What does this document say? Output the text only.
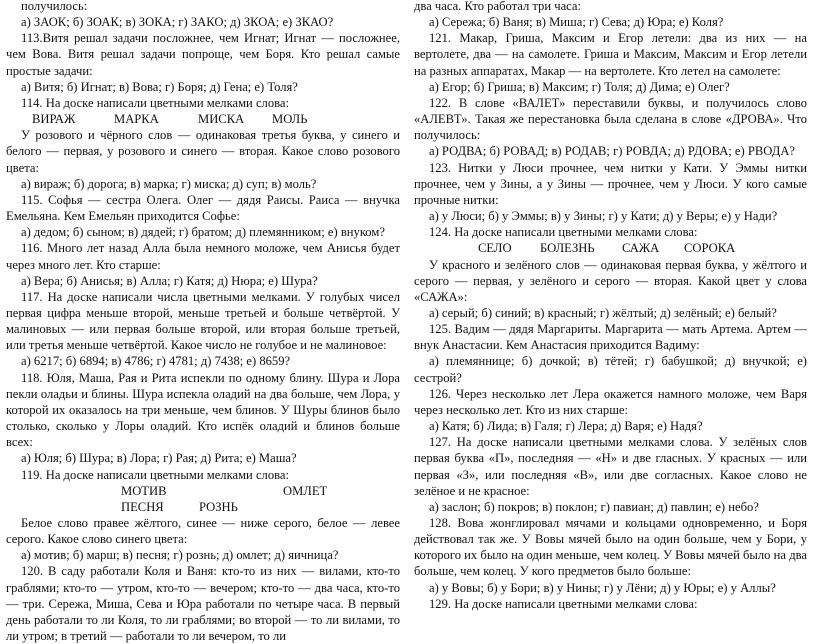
получилось:

а) ЗАОК; б) ЗОАК; в) ЗОКА; г) ЗАКО; д) ЗКОА; е) ЗКАО?

113.Витя решал задачи посложнее, чем Игнат; Игнат — посложнее, чем Вова. Витя решал задачи попроще, чем Боря. Кто решал самые простые задачи:

а) Витя; б) Игнат; в) Вова; г) Боря; д) Гена; е) Толя?

114. На доске написали цветными мелками слова:

ВИРАЖ	МАРКА	МИСКА	МОЛЬ

У розового и чёрного слов — одинаковая третья буква, у синего и белого — первая, у розового и синего — вторая. Какое слово розового цвета:

а) вираж; б) дорога; в) марка; г) миска; д) суп; в) моль?

115. Софья — сестра Олега. Олег — дядя Раисы. Раиса — внучка Емельяна. Кем Емельян приходится Софье:

а) дедом; б) сыном; в) дядей; г) братом; д) племянником; е) внуком?

116. Много лет назад Алла была немного моложе, чем Анисья будет через много лет. Кто старше:

а) Вера; б) Анисья; в) Алла; г) Катя; д) Нюра; е) Шура?

117. На доске написали числа цветными мелками. У голубых чисел первая цифра меньше второй, меньше третьей и больше четвёртой. У малиновых — или первая больше второй, или вторая больше третьей, или третья меньше четвёртой. Какое число не голубое и не малиновое:

а) 6217; б) 6894; в) 4786; г) 4781; д) 7438; е) 8659?

118. Юля, Маша, Рая и Рита испекли по одному блину. Шура и Лора пекли оладьи и блины. Шура испекла оладий на два больше, чем Лора, у которой их оказалось на три меньше, чем блинов. У Шуры блинов было столько, сколько у Лоры оладий. Кто испёк оладий и блинов больше всех:

а) Юля; б) Шура; в) Лора; г) Рая; д) Рита; е) Маша?

119. На доске написали цветными мелками слова:

МОТИВ	ОМЛЕТ
ПЕСНЯ	РОЗНЬ

Белое слово правее жёлтого, синее — ниже серого, белое — левее серого. Какое слово синего цвета:

а) мотив; б) марш; в) песня; г) рознь; д) омлет; д) яичница?

120. В саду работали Коля и Ваня: кто-то из них — вилами, кто-то граблями; кто-то — утром, кто-то — вечером; кто-то — два часа, кто-то — три. Сережа, Миша, Сева и Юра работали по четыре часа. В первый день работали то ли Коля, то ли граблями; во второй — то ли вилами, то ли утром; в третий — работали то ли вечером, то ли

два часа. Кто работал три часа:

а) Сережа; б) Ваня; в) Миша; г) Сева; д) Юра; е) Коля?

121. Макар, Гриша, Максим и Егор летели: два из них — на вертолете, два — на самолете. Гриша и Максим, Максим и Егор летели на разных аппаратах, Макар — на вертолете. Кто летел на самолете:

а) Егор; б) Гриша; в) Максим; г) Толя; д) Дима; е) Олег?

122. В слове «ВАЛЕТ» переставили буквы, и получилось слово «АЛЕВТ». Такая же перестановка была сделана в слове «ДРОВА». Что получилось:

а) РОДВА; б) РОВАД; в) РОДАВ; г) РОВДА; д) РДОВА; е) РВОДА?

123. Нитки у Люси прочнее, чем нитки у Кати. У Эммы нитки прочнее, чем у Зины, а у Зины — прочнее, чем у Люси. У кого самые прочные нитки:

а) у Люси; б) у Эммы; в) у Зины; г) у Кати; д) у Веры; е) у Нади?

124. На доске написали цветными мелками слова:

СЕЛО	БОЛЕЗНЬ	САЖА	СОРОКА

У красного и зелёного слов — одинаковая первая буква, у жёлтого и серого — первая, у зелёного и серого — вторая. Какой цвет у слова «САЖА»:

а) серый; б) синий; в) красный; г) жёлтый; д) зелёный; е) белый?

125. Вадим — дядя Маргариты. Маргарита — мать Артема. Артем — внук Анастасии. Кем Анастасия приходится Вадиму:

а) племяннице; б) дочкой; в) тётей; г) бабушкой; д) внучкой; е) сестрой?

126. Через несколько лет Лера окажется намного моложе, чем Варя через несколько лет. Кто из них старше:

а) Катя; б) Лида; в) Галя; г) Лера; д) Варя; е) Надя?

127. На доске написали цветными мелками слова. У зелёных слов первая буква «П», последняя — «Н» и две гласных. У красных — или первая «З», или последняя «В», или две согласных. Какое слово не зелёное и не красное:

а) заслон; б) покров; в) поклон; г) павиан; д) павлин; е) небо?

128. Вова жонглировал мячами и кольцами одновременно, и Боря действовал так же. У Вовы мячей было на один больше, чем у Бори, у которого их было на один меньше, чем колец. У Вовы мячей было на два больше, чем колец. У кого предметов было больше:

а) у Вовы; б) у Бори; в) у Нины; г) у Лёни; д) у Юры; е) у Аллы?

129. На доске написали цветными мелками слова:
